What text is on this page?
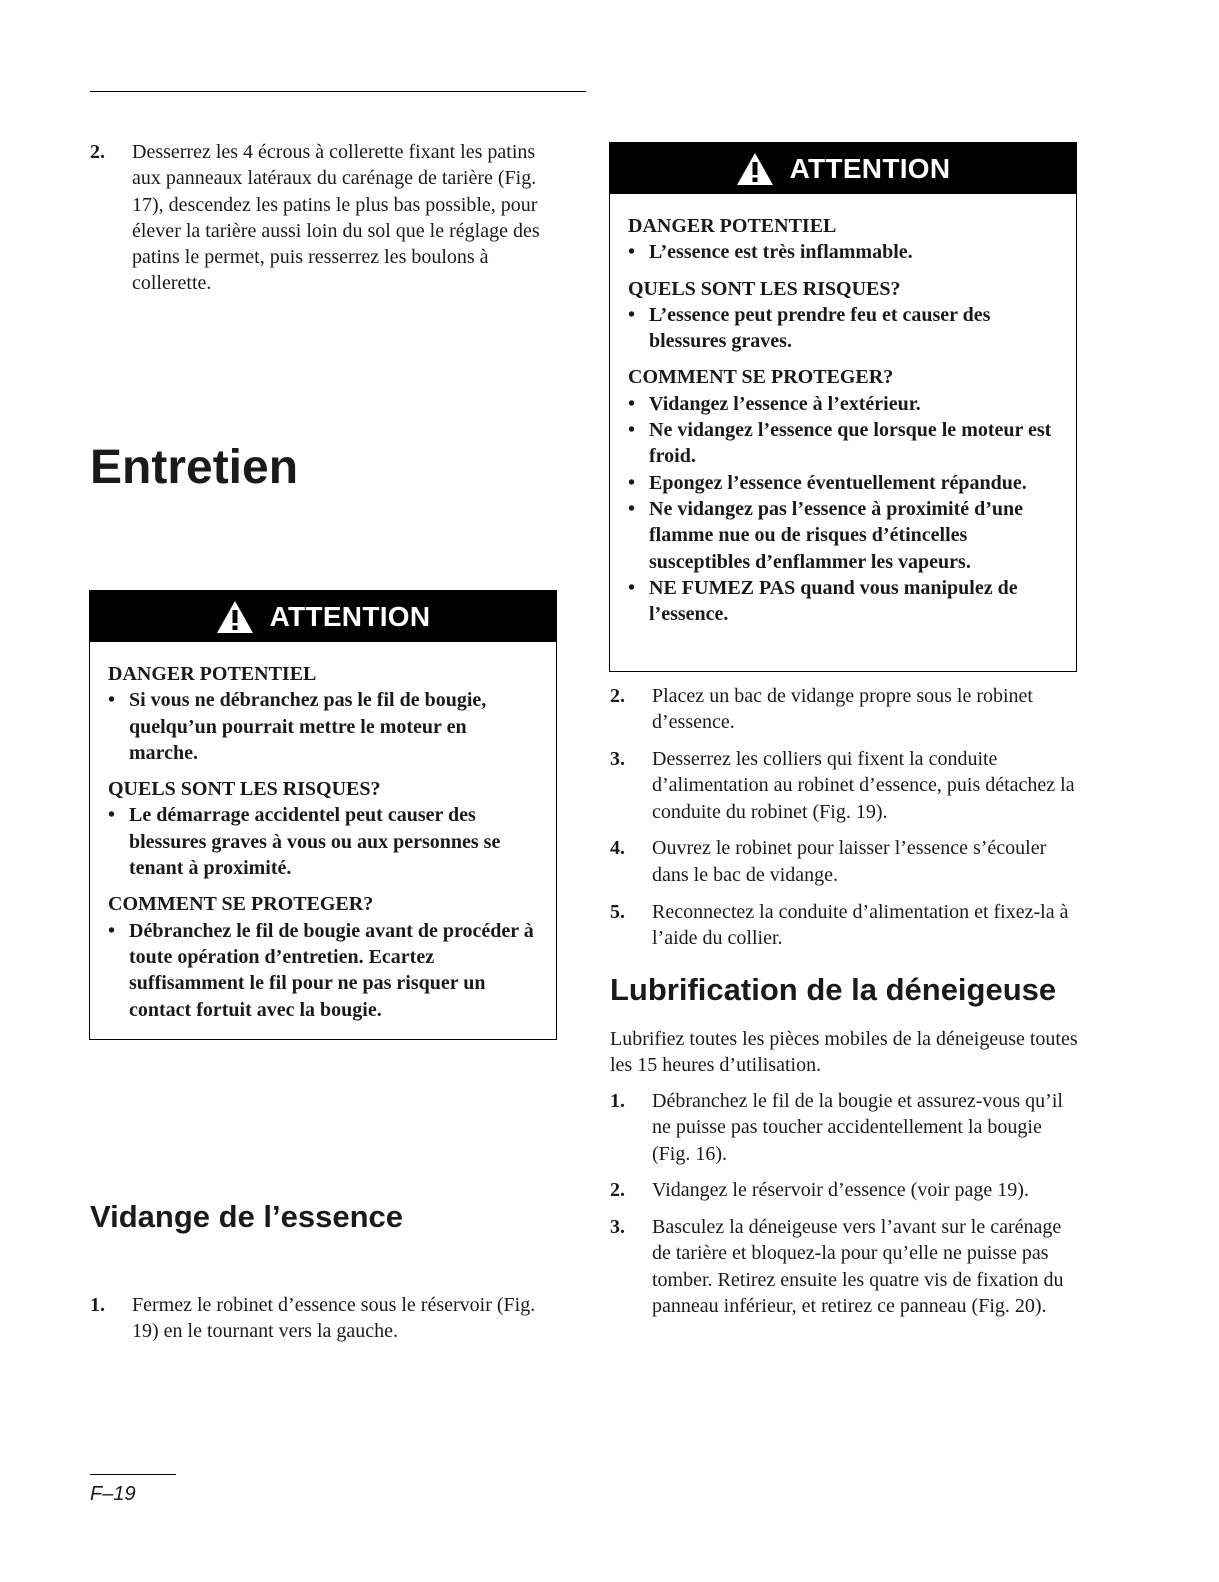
2.	Desserrez les 4 écrous à collerette fixant les patins aux panneaux latéraux du carénage de tarière (Fig. 17), descendez les patins le plus bas possible, pour élever la tarière aussi loin du sol que le réglage des patins le permet, puis resserrez les boulons à collerette.
Entretien
ATTENTION
DANGER POTENTIEL
• Si vous ne débranchez pas le fil de bougie, quelqu’un pourrait mettre le moteur en marche.
QUELS SONT LES RISQUES?
• Le démarrage accidentel peut causer des blessures graves à vous ou aux personnes se tenant à proximité.
COMMENT SE PROTEGER?
• Débranchez le fil de bougie avant de procéder à toute opération d’entretien. Ecartez suffisamment le fil pour ne pas risquer un contact fortuit avec la bougie.
Vidange de l’essence
1.	Fermez le robinet d’essence sous le réservoir (Fig. 19) en le tournant vers la gauche.
ATTENTION
DANGER POTENTIEL
• L’essence est très inflammable.
QUELS SONT LES RISQUES?
• L’essence peut prendre feu et causer des blessures graves.
COMMENT SE PROTEGER?
• Vidangez l’essence à l’extérieur.
• Ne vidangez l’essence que lorsque le moteur est froid.
• Epongez l’essence éventuellement répandue.
• Ne vidangez pas l’essence à proximité d’une flamme nue ou de risques d’étincelles susceptibles d’enflammer les vapeurs.
• NE FUMEZ PAS quand vous manipulez de l’essence.
2.	Placez un bac de vidange propre sous le robinet d’essence.
3.	Desserrez les colliers qui fixent la conduite d’alimentation au robinet d’essence, puis détachez la conduite du robinet (Fig. 19).
4.	Ouvrez le robinet pour laisser l’essence s’écouler dans le bac de vidange.
5.	Reconnectez la conduite d’alimentation et fixez-la à l’aide du collier.
Lubrification de la déneigeuse
Lubrifiez toutes les pièces mobiles de la déneigeuse toutes les 15 heures d’utilisation.
1.	Débranchez le fil de la bougie et assurez-vous qu’il ne puisse pas toucher accidentellement la bougie (Fig. 16).
2.	Vidangez le réservoir d’essence (voir page 19).
3.	Basculez la déneigeuse vers l’avant sur le carénage de tarière et bloquez-la pour qu’elle ne puisse pas tomber. Retirez ensuite les quatre vis de fixation du panneau inférieur, et retirez ce panneau (Fig. 20).
F–19
